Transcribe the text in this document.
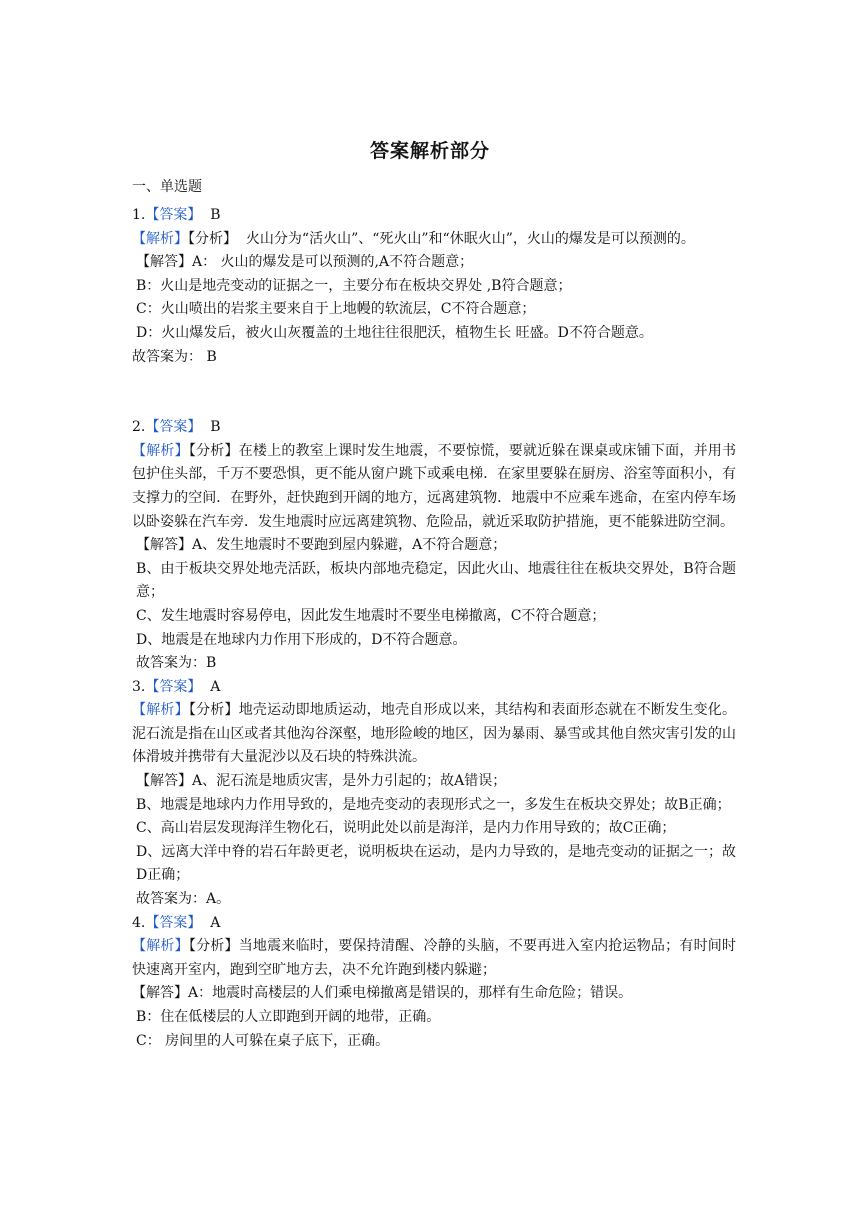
答案解析部分
一、单选题

1.【答案】 B

【解析】【分析】 火山分为“活火山”、“死火山”和“休眠火山”，火山的爆发是可以预测的。

【解答】A： 火山的爆发是可以预测的,A不符合题意；

B：火山是地壳变动的证据之一，主要分布在板块交界处 ,B符合题意；

C：火山喷出的岩浆主要来自于上地幔的软流层，C不符合题意；

D：火山爆发后，被火山灰覆盖的土地往往很肥沃，植物生长 旺盛。D不符合题意。

故答案为： B

2.【答案】 B

【解析】【分析】在楼上的教室上课时发生地震，不要惊慌，要就近躲在课桌或床铺下面，并用书包护住头部，千万不要恐惧，更不能从窗户跳下或乘电梯．在家里要躲在厨房、浴室等面积小，有支撑力的空间．在野外，赶快跑到开阔的地方，远离建筑物．地震中不应乘车逃命，在室内停车场以卧姿躲在汽车旁．发生地震时应远离建筑物、危险品，就近采取防护措施，更不能躲进防空洞。

【解答】A、发生地震时不要跑到屋内躲避，A不符合题意；

B、由于板块交界处地壳活跃，板块内部地壳稳定，因此火山、地震往往在板块交界处，B符合题意；

C、发生地震时容易停电，因此发生地震时不要坐电梯撤离，C不符合题意；

D、地震是在地球内力作用下形成的，D不符合题意。

故答案为：B

3.【答案】 A

【解析】【分析】地壳运动即地质运动，地壳自形成以来，其结构和表面形态就在不断发生变化。泥石流是指在山区或者其他沟谷深壑，地形险峻的地区，因为暴雨、暴雪或其他自然灾害引发的山体滑坡并携带有大量泥沙以及石块的特殊洪流。

【解答】A、泥石流是地质灾害，是外力引起的；故A错误；

B、地震是地球内力作用导致的，是地壳变动的表现形式之一，多发生在板块交界处；故B正确；

C、高山岩层发现海洋生物化石，说明此处以前是海洋，是内力作用导致的；故C正确；

D、远离大洋中脊的岩石年龄更老，说明板块在运动，是内力导致的，是地壳变动的证据之一；故D正确；

故答案为：A。

4.【答案】 A

【解析】【分析】当地震来临时，要保持清醒、冷静的头脑，不要再进入室内抢运物品；有时间时快速离开室内，跑到空旷地方去，决不允许跑到楼内躲避；

【解答】A：地震时高楼层的人们乘电梯撤离是错误的，那样有生命危险；错误。

B：住在低楼层的人立即跑到开阔的地带，正确。

C： 房间里的人可躲在桌子底下，正确。
